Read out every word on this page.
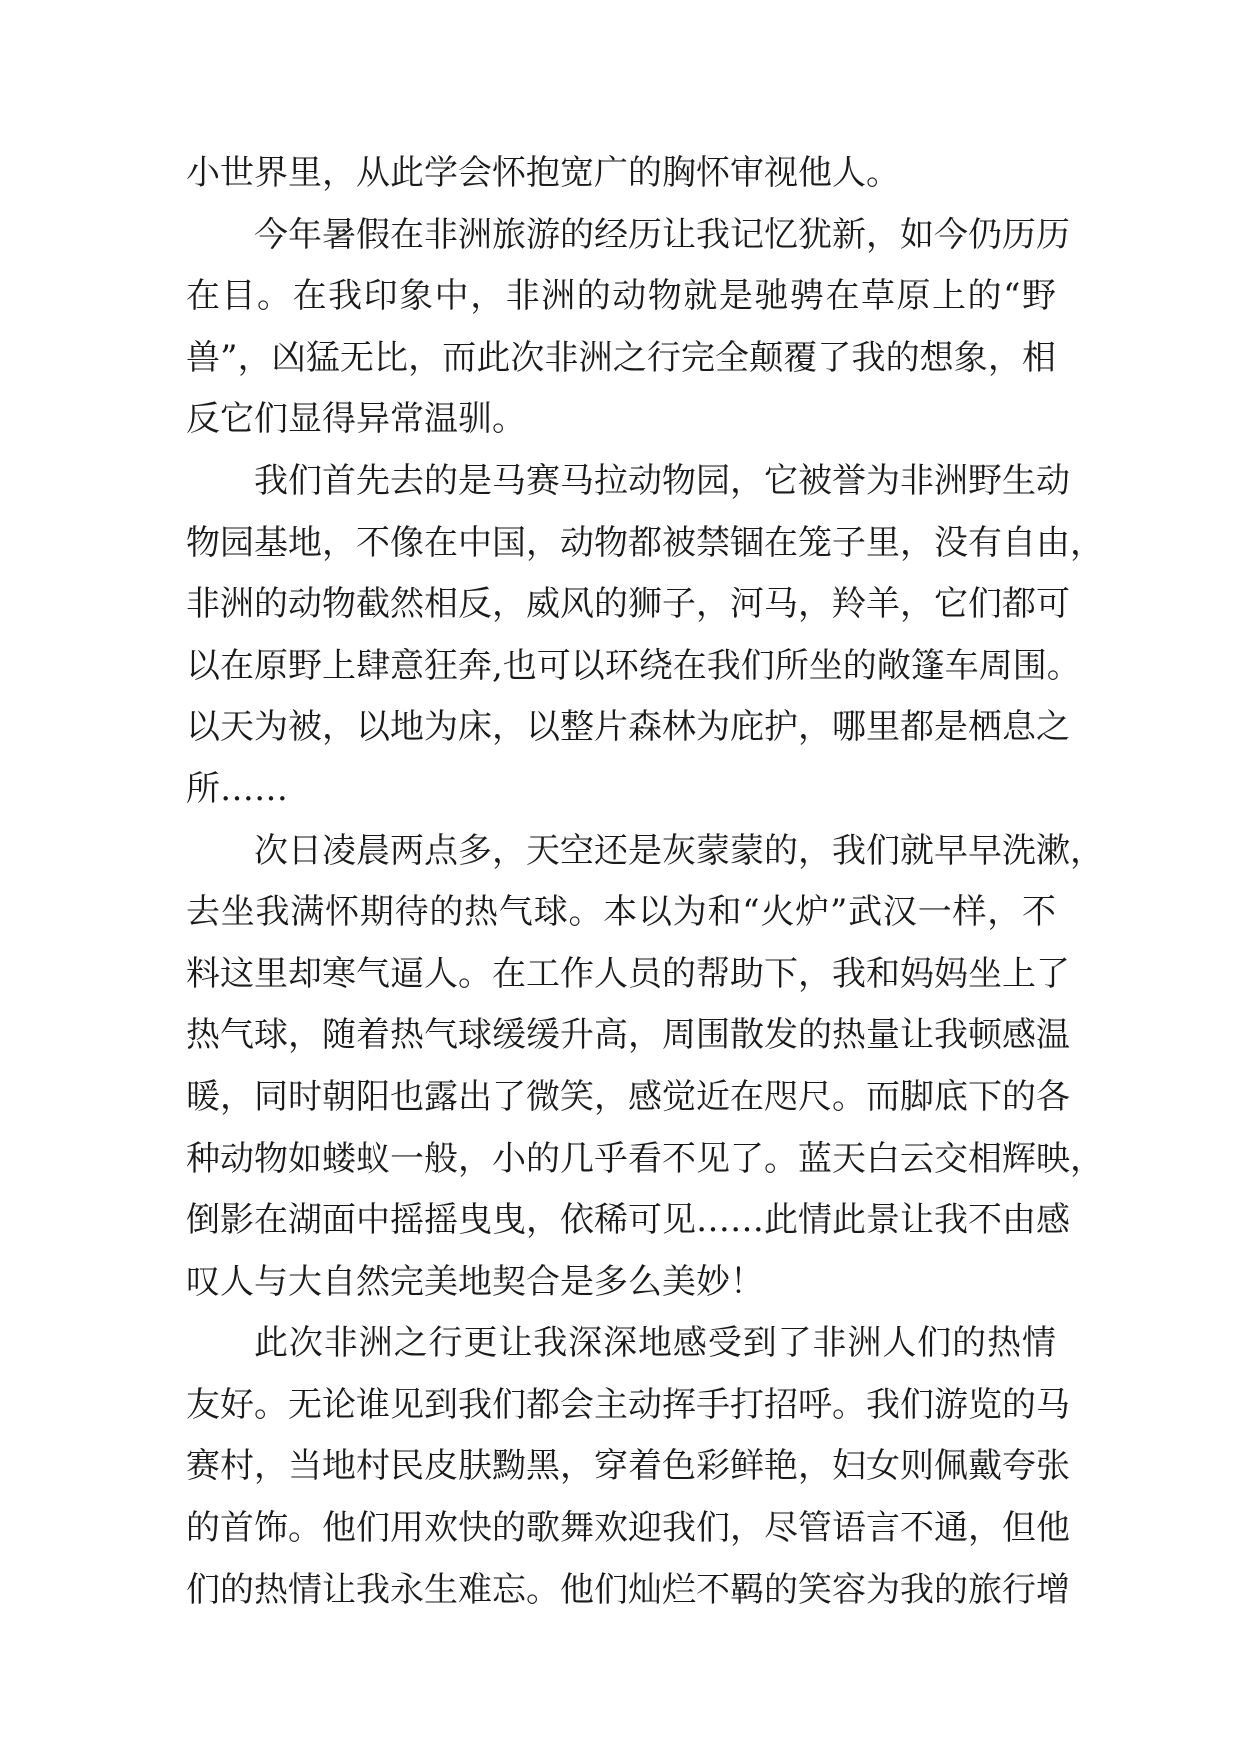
小世界里，从此学会怀抱宽广的胸怀审视他人。
今年暑假在非洲旅游的经历让我记忆犹新，如今仍历历
在目。在我印象中，非洲的动物就是驰骋在草原上的“野
兽”，凶猛无比，而此次非洲之行完全颠覆了我的想象，相
反它们显得异常温驯。
我们首先去的是马赛马拉动物园，它被誉为非洲野生动
物园基地，不像在中国，动物都被禁锢在笼子里，没有自由，
非洲的动物截然相反，威风的狮子，河马，羚羊，它们都可
以在原野上肆意狂奔,也可以环绕在我们所坐的敞篷车周围。
以天为被，以地为床，以整片森林为庇护，哪里都是栖息之
所……
次日凌晨两点多，天空还是灰蒙蒙的，我们就早早洗漱，
去坐我满怀期待的热气球。本以为和“火炉”武汉一样，不
料这里却寒气逼人。在工作人员的帮助下，我和妈妈坐上了
热气球，随着热气球缓缓升高，周围散发的热量让我顿感温
暖，同时朝阳也露出了微笑，感觉近在咫尺。而脚底下的各
种动物如蝼蚁一般，小的几乎看不见了。蓝天白云交相辉映，
倒影在湖面中摇摇曳曳，依稀可见……此情此景让我不由感
叹人与大自然完美地契合是多么美妙！
此次非洲之行更让我深深地感受到了非洲人们的热情
友好。无论谁见到我们都会主动挥手打招呼。我们游览的马
赛村，当地村民皮肤黝黑，穿着色彩鲜艳，妇女则佩戴夸张
的首饰。他们用欢快的歌舞欢迎我们，尽管语言不通，但他
们的热情让我永生难忘。他们灿烂不羁的笑容为我的旅行增
